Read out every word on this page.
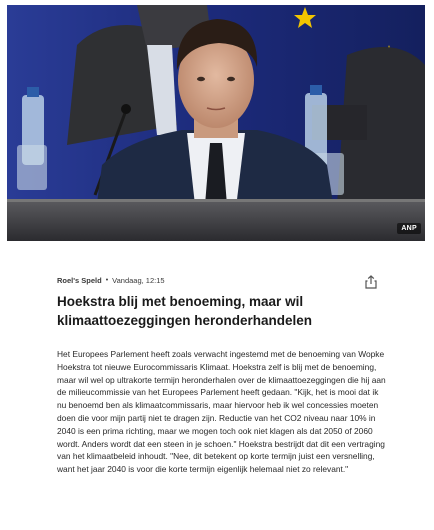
ANP
Roel's Speld • Vandaag, 12:15
Hoekstra blij met benoeming, maar wil klimaattoezeggingen heronderhandelen

Het Europees Parlement heeft zoals verwacht ingestemd met de benoeming van Wopke Hoekstra tot nieuwe Eurocommissaris Klimaat. Hoekstra zelf is blij met de benoeming, maar wil wel op ultrakorte termijn heronderhalen over de klimaattoezeggingen die hij aan de milieucommissie van het Europees Parlement heeft gedaan. "Kijk, het is mooi dat ik nu benoemd ben als klimaatcommissaris, maar hiervoor heb ik wel concessies moeten doen die voor mijn partij niet te dragen zijn. Reductie van het CO2 niveau naar 10% in 2040 is een prima richting, maar we mogen toch ook niet klagen als dat 2050 of 2060 wordt. Anders wordt dat een steen in je schoen." Hoekstra bestrijdt dat dit een vertraging van het klimaatbeleid inhoudt. "Nee, dit betekent op korte termijn juist een versnelling, want het jaar 2040 is voor die korte termijn eigenlijk helemaal niet zo relevant."
